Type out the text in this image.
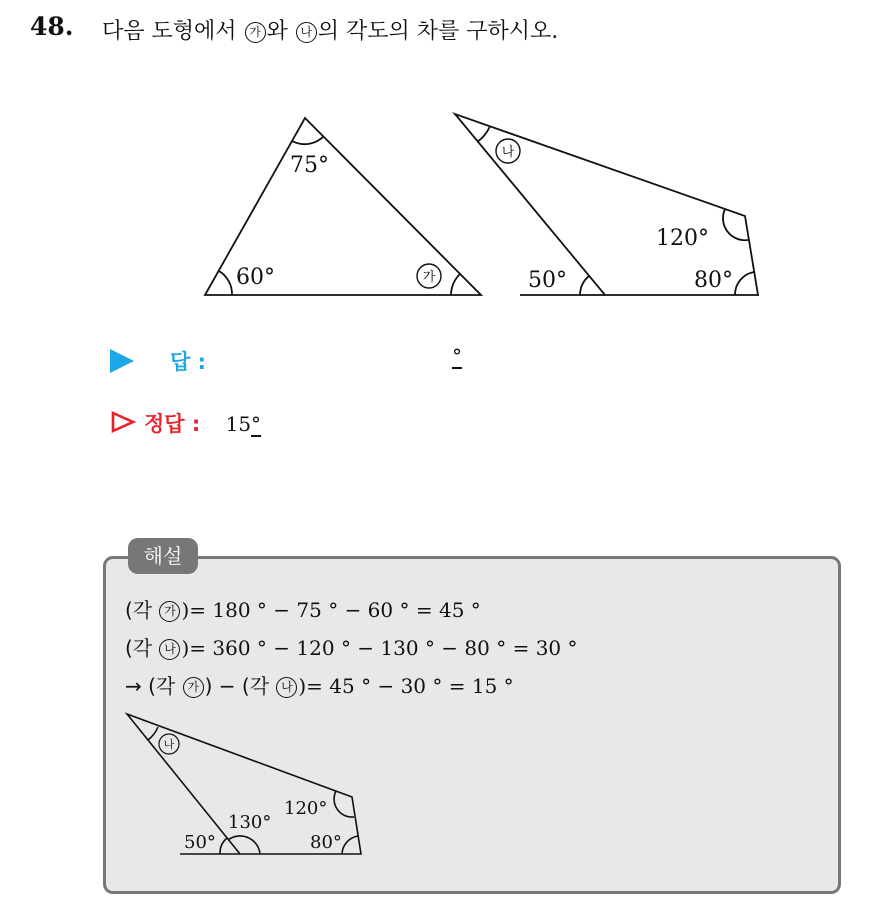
48. 다음 도형에서 가 와 나 의 각도의 차를 구하시오.
75°
60°	가
나
120°
50°	80°
답 :	°
정답 : 15°
해설
(각 가 )= 180 ° − 75 ° − 60 ° = 45 °
(각 나 )= 360 ° − 120 ° − 130 ° − 80 ° = 30 °
→ (각 가 ) − (각 나 )= 45 ° − 30 ° = 15 °
나
120°
130°
50°	80°
